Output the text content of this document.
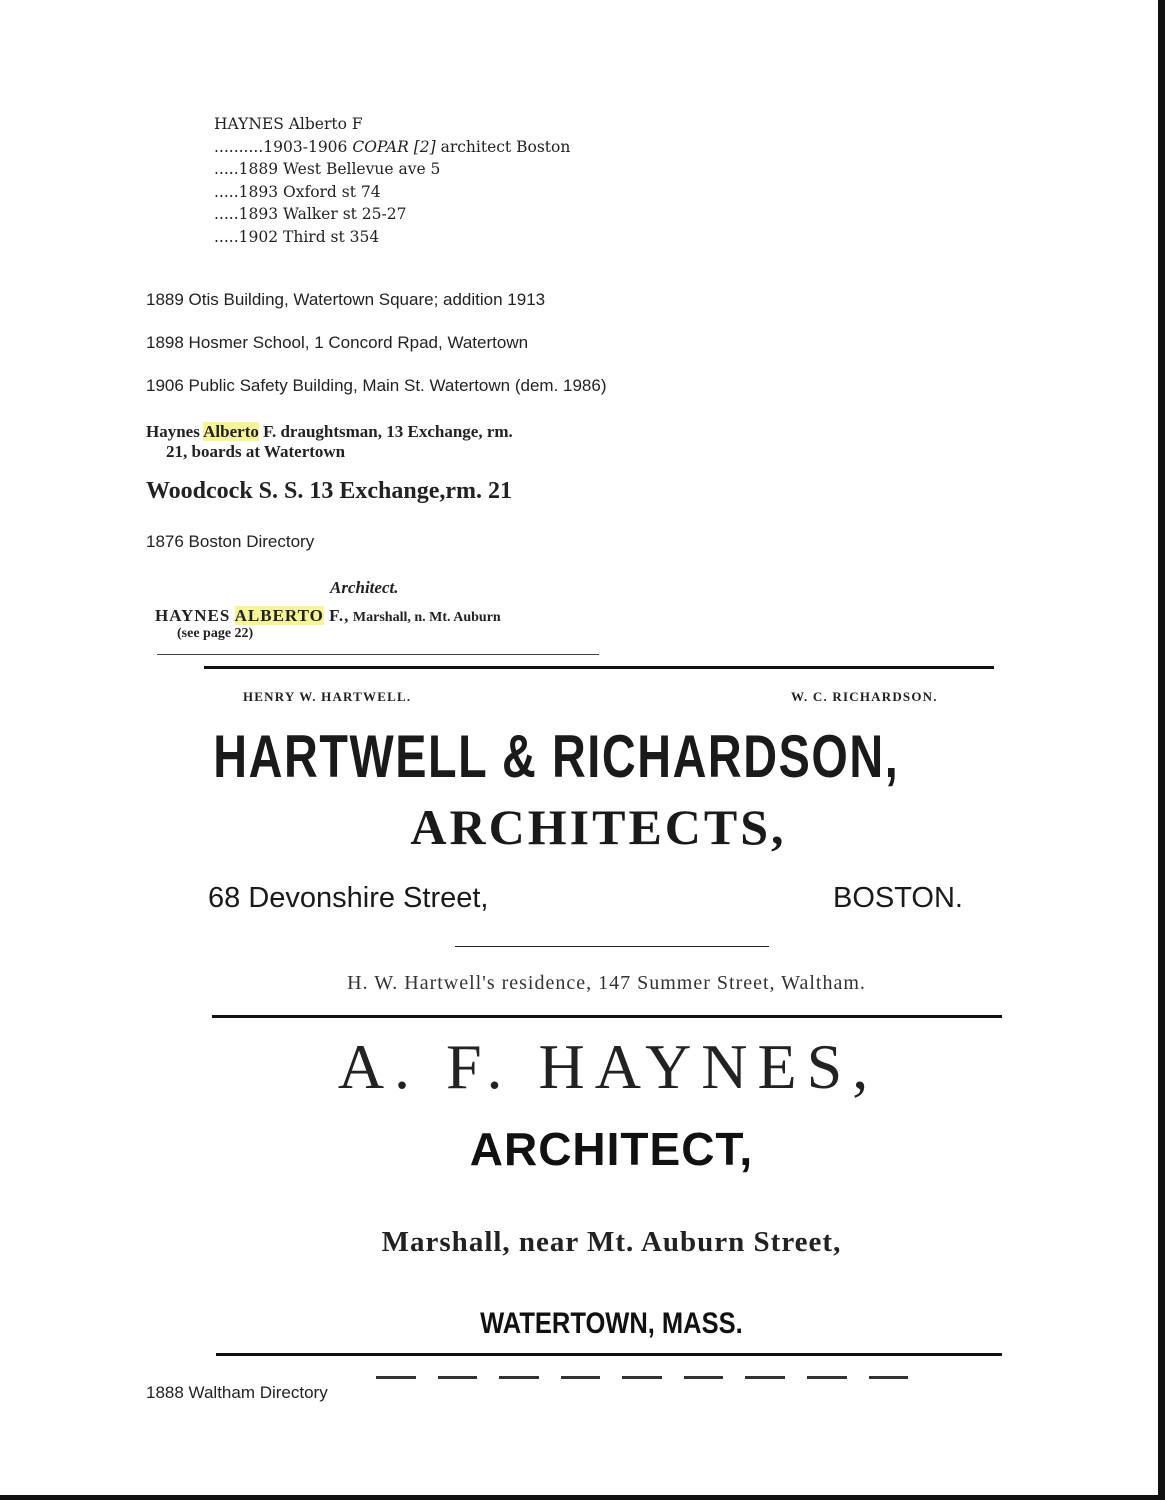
HAYNES Alberto F
..........1903-1906 COPAR [2] architect Boston
.....1889 West Bellevue ave 5
.....1893 Oxford st 74
.....1893 Walker st 25-27
.....1902 Third st 354
1889 Otis Building, Watertown Square; addition 1913
1898 Hosmer School, 1 Concord Rpad, Watertown
1906 Public Safety Building, Main St. Watertown (dem. 1986)

Haynes Alberto F. draughtsman, 13 Exchange, rm.
21, boards at Watertown

Woodcock S. S. 13 Exchange,rm. 21

1876 Boston Directory
Architect.
HAYNES ALBERTO F., Marshall, n. Mt. Auburn
(see page 22)
HENRY W. HARTWELL.	W. C. RICHARDSON.
HARTWELL & RICHARDSON,
ARCHITECTS,
68 Devonshire Street,	BOSTON.
H. W. Hartwell's residence, 147 Summer Street, Waltham.
A. F. HAYNES,
ARCHITECT,
Marshall, near Mt. Auburn Street,
WATERTOWN, MASS.
1888 Waltham Directory
